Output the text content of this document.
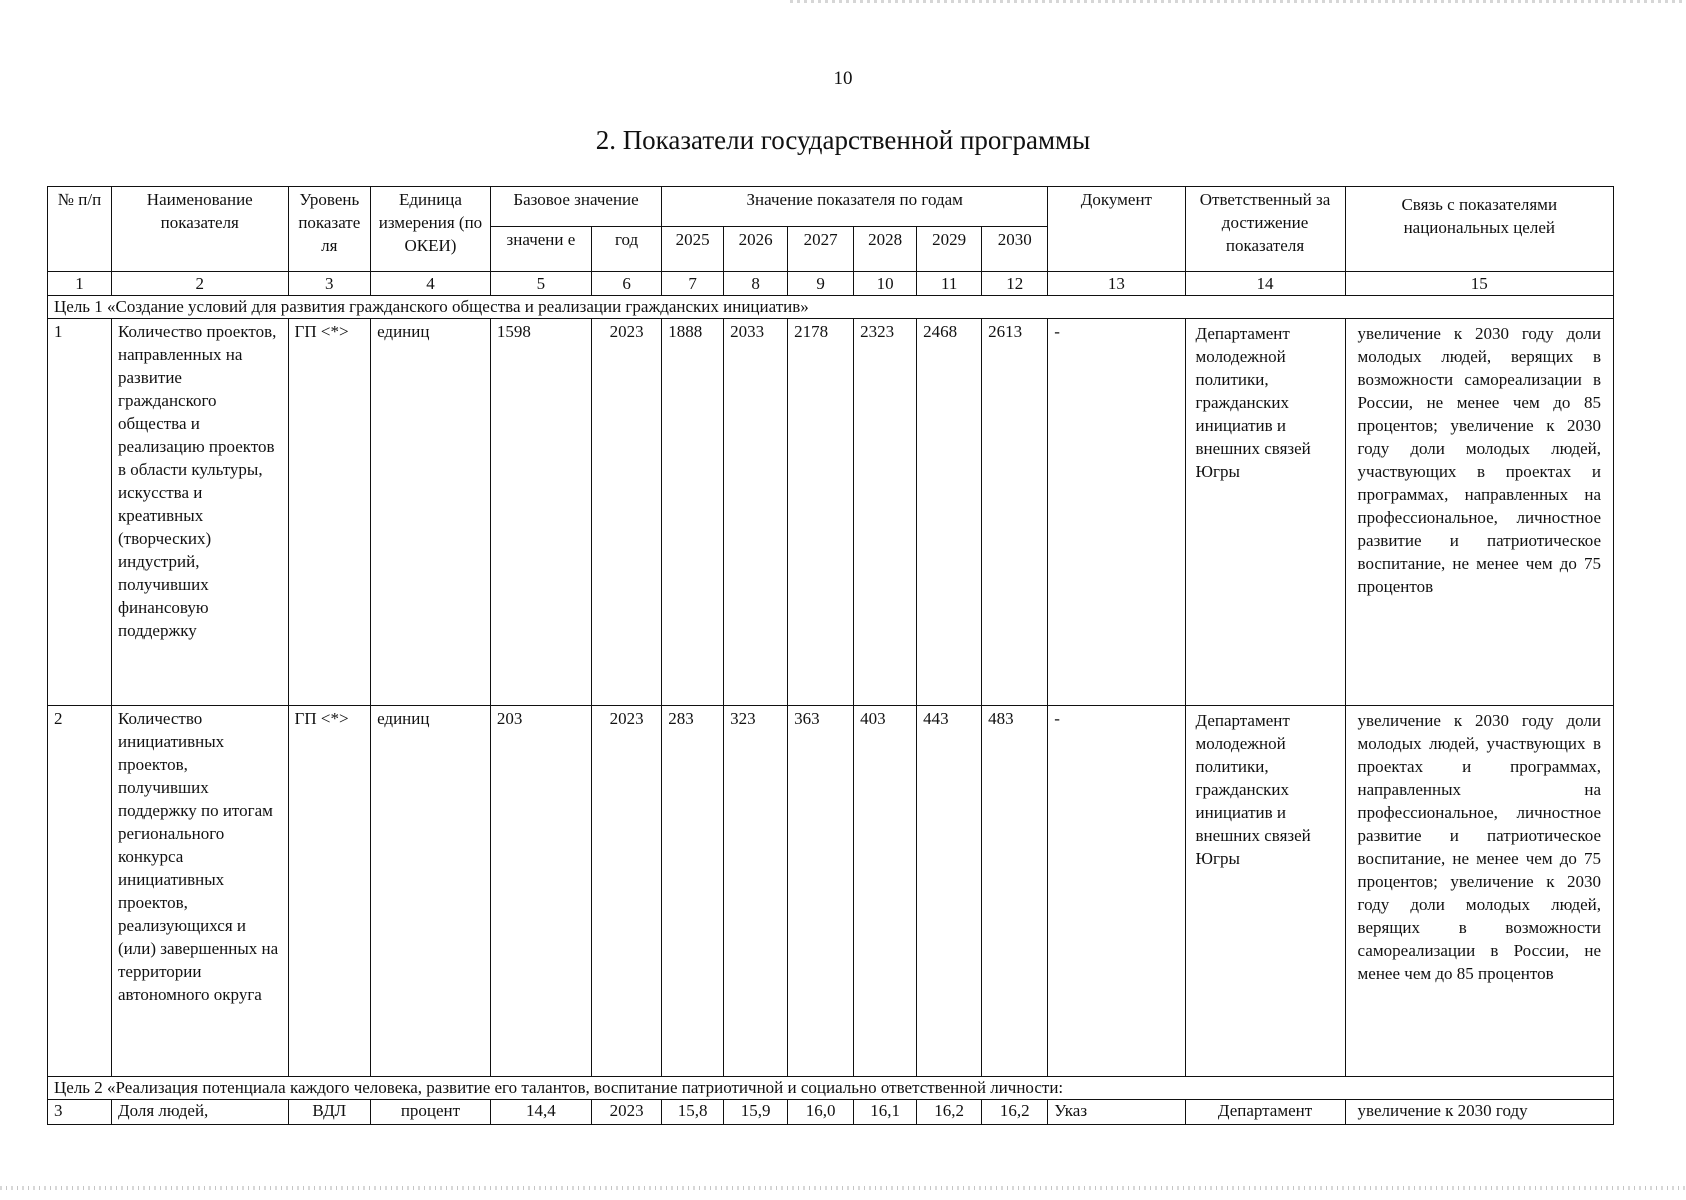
10
2. Показатели государственной программы
№ п/п	Наименование показателя	Уровень показате ля	Единица измерения (по ОКЕИ)	Базовое значение		Значение показателя по годам						Документ	Ответственный за достижение показателя	Связь с показателями национальных целей
				значени е	год	2025	2026	2027	2028	2029	2030			
1	2	3	4	5	6	7	8	9	10	11	12	13	14	15
Цель 1 «Создание условий для развития гражданского общества и реализации гражданских инициатив»														
1	Количество проектов, направленных на развитие гражданского общества и реализацию проектов в области культуры, искусства и креативных (творческих) индустрий, получивших финансовую поддержку	ГП <*>	единиц	1598	2023	1888	2033	2178	2323	2468	2613	-	Департамент молодежной политики, гражданских инициатив и внешних связей Югры	увеличение к 2030 году доли молодых людей, верящих в возможности самореализации в России, не менее чем до 85 процентов; увеличение к 2030 году доли молодых людей, участвующих в проектах и программах, направленных на профессиональное, личностное развитие и патриотическое воспитание, не менее чем до 75 процентов
2	Количество инициативных проектов, получивших поддержку по итогам регионального конкурса инициативных проектов, реализующихся и (или) завершенных на территории автономного округа	ГП <*>	единиц	203	2023	283	323	363	403	443	483	-	Департамент молодежной политики, гражданских инициатив и внешних связей Югры	увеличение к 2030 году доли молодых людей, участвующих в проектах и программах, направленных на профессиональное, личностное развитие и патриотическое воспитание, не менее чем до 75 процентов; увеличение к 2030 году доли молодых людей, верящих в возможности самореализации в России, не менее чем до 85 процентов
Цель 2 «Реализация потенциала каждого человека, развитие его талантов, воспитание патриотичной и социально ответственной личности:														
3	Доля людей,	ВДЛ	процент	14,4	2023	15,8	15,9	16,0	16,1	16,2	16,2	Указ	Департамент	увеличение к 2030 году
